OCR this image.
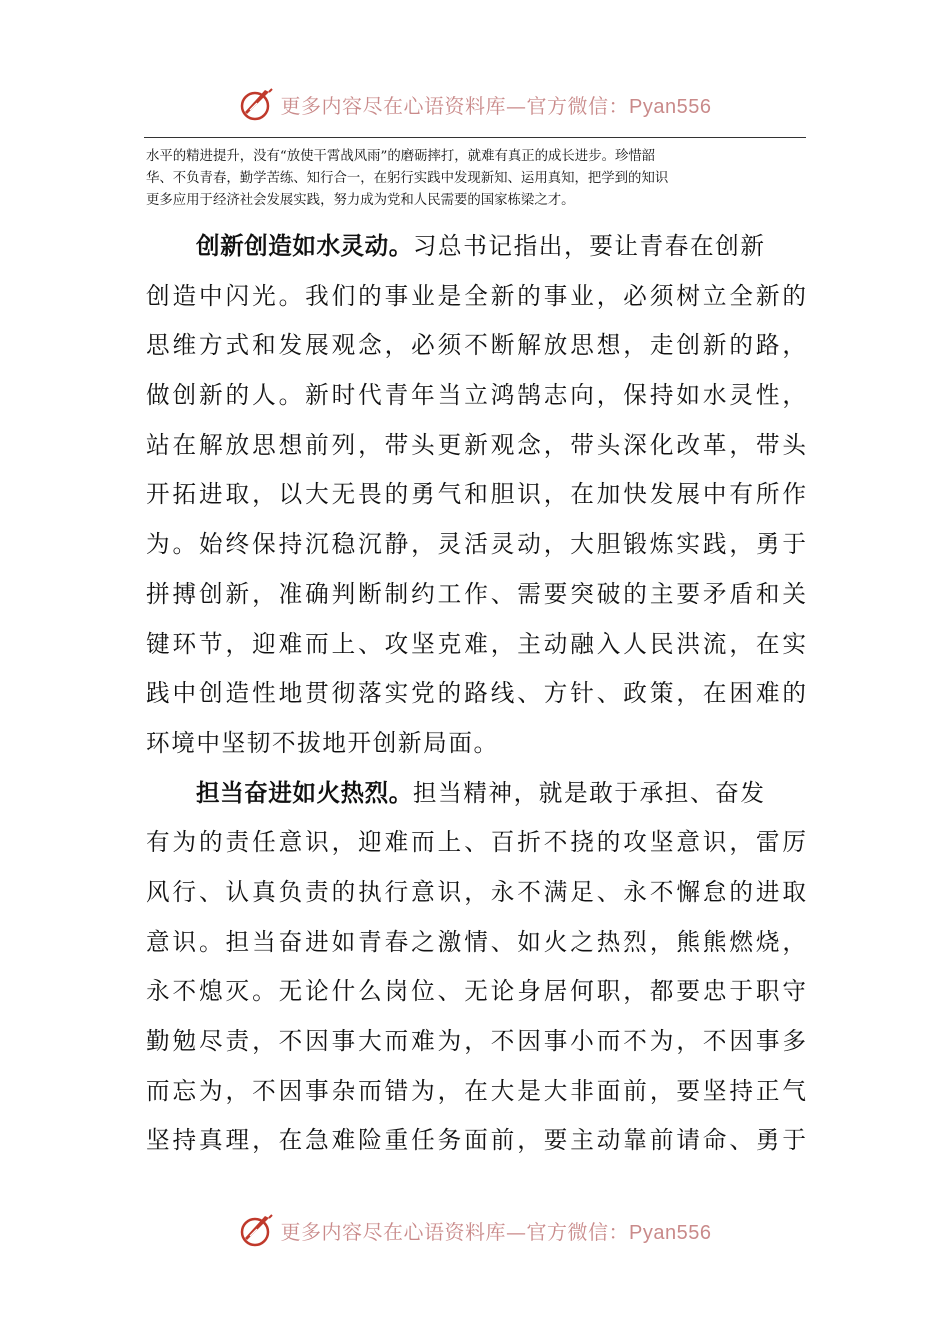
更多内容尽在心语资料库—官方微信：Pyan556
水平的精进提升，没有“放使干霄战风雨”的磨砺摔打，就难有真正的成长进步。珍惜韶
华、不负青春，勤学苦练、知行合一，在躬行实践中发现新知、运用真知，把学到的知识
更多应用于经济社会发展实践，努力成为党和人民需要的国家栋梁之才。
创新创造如水灵动。习总书记指出，要让青春在创新
创造中闪光。我们的事业是全新的事业，必须树立全新的
思维方式和发展观念，必须不断解放思想，走创新的路，
做创新的人。新时代青年当立鸿鹄志向，保持如水灵性，
站在解放思想前列，带头更新观念，带头深化改革，带头
开拓进取，以大无畏的勇气和胆识，在加快发展中有所作
为。始终保持沉稳沉静，灵活灵动，大胆锻炼实践，勇于
拼搏创新，准确判断制约工作、需要突破的主要矛盾和关
键环节，迎难而上、攻坚克难，主动融入人民洪流，在实
践中创造性地贯彻落实党的路线、方针、政策，在困难的
环境中坚韧不拔地开创新局面。
担当奋进如火热烈。担当精神，就是敢于承担、奋发
有为的责任意识，迎难而上、百折不挠的攻坚意识，雷厉
风行、认真负责的执行意识，永不满足、永不懈怠的进取
意识。担当奋进如青春之激情、如火之热烈，熊熊燃烧，
永不熄灭。无论什么岗位、无论身居何职，都要忠于职守
勤勉尽责，不因事大而难为，不因事小而不为，不因事多
而忘为，不因事杂而错为，在大是大非面前，要坚持正气
坚持真理，在急难险重任务面前，要主动靠前请命、勇于
更多内容尽在心语资料库—官方微信：Pyan556
